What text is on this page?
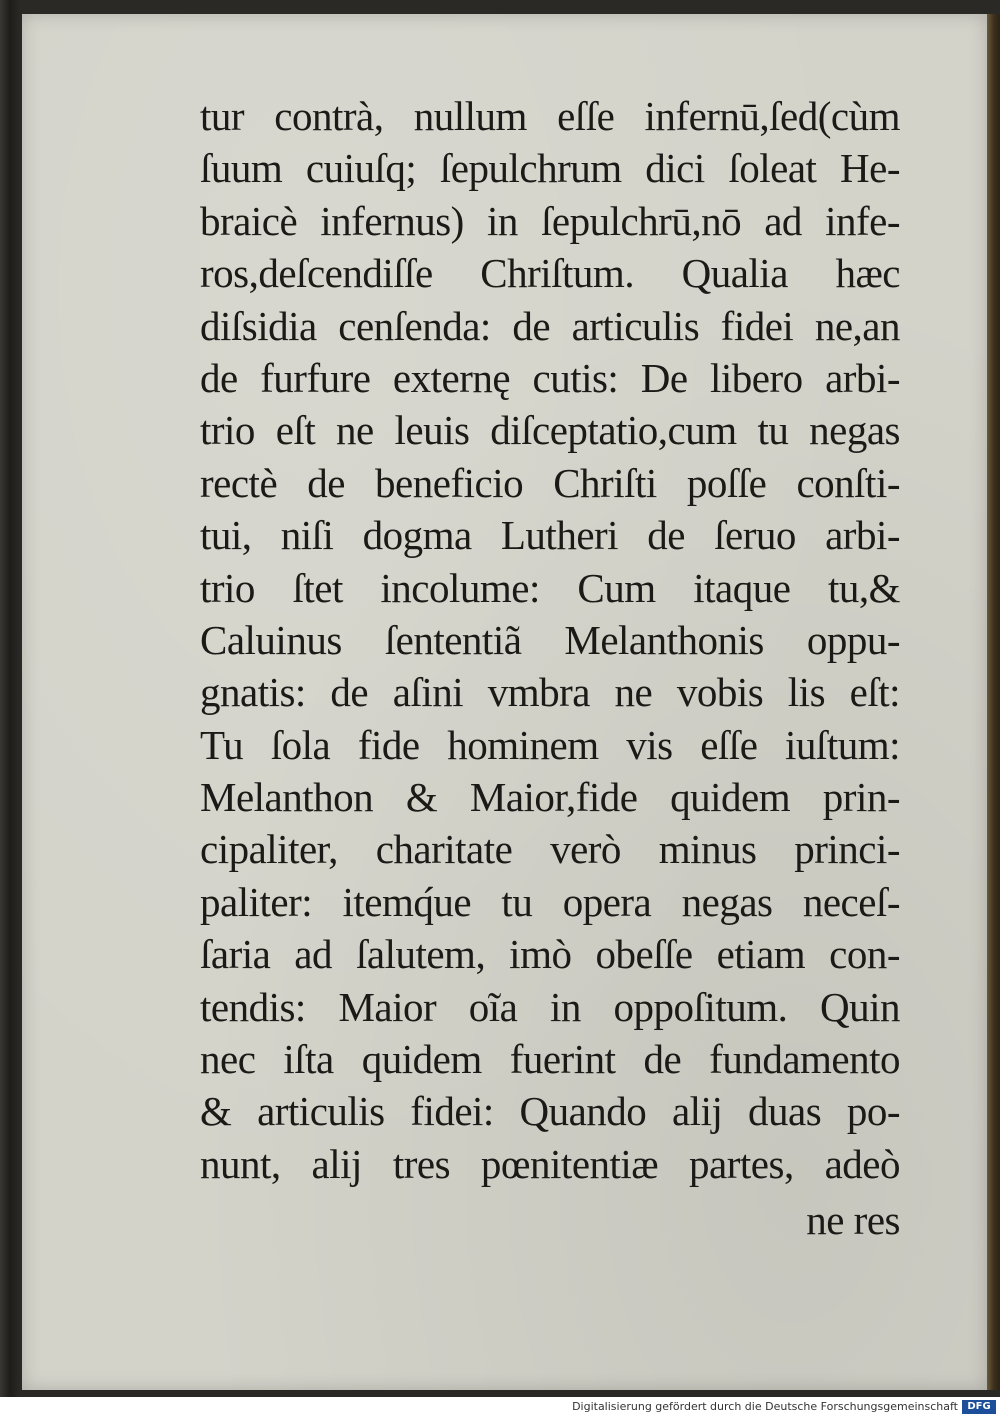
tur contrà, nullum eſſe infernū,ſed(cùm
ſuum cuiuſq; ſepulchrum dici ſoleat He-
braicè infernus) in ſepulchrū,nō ad infe-
ros,deſcendiſſe Chriſtum. Qualia hæc
diſsidia cenſenda: de articulis fidei ne,an
de furfure externę cutis: De libero arbi-
trio eſt ne leuis diſceptatio,cum tu negas
rectè de beneficio Chriſti poſſe conſti-
tui, niſi dogma Lutheri de ſeruo arbi-
trio ſtet incolume: Cum itaque tu,&
Caluinus ſententiã Melanthonis oppu-
gnatis: de aſini vmbra ne vobis lis eſt:
Tu ſola fide hominem vis eſſe iuſtum:
Melanthon & Maior,fide quidem prin-
cipaliter, charitate verò minus princi-
paliter: itemq́ue tu opera negas neceſ-
ſaria ad ſalutem, imò obeſſe etiam con-
tendis: Maior oĩa in oppoſitum. Quin
nec iſta quidem fuerint de fundamento
& articulis fidei: Quando alij duas po-
nunt, alij tres pœnitentiæ partes, adeò
ne res
Digitalisierung gefördert durch die Deutsche Forschungsgemeinschaft DFG
